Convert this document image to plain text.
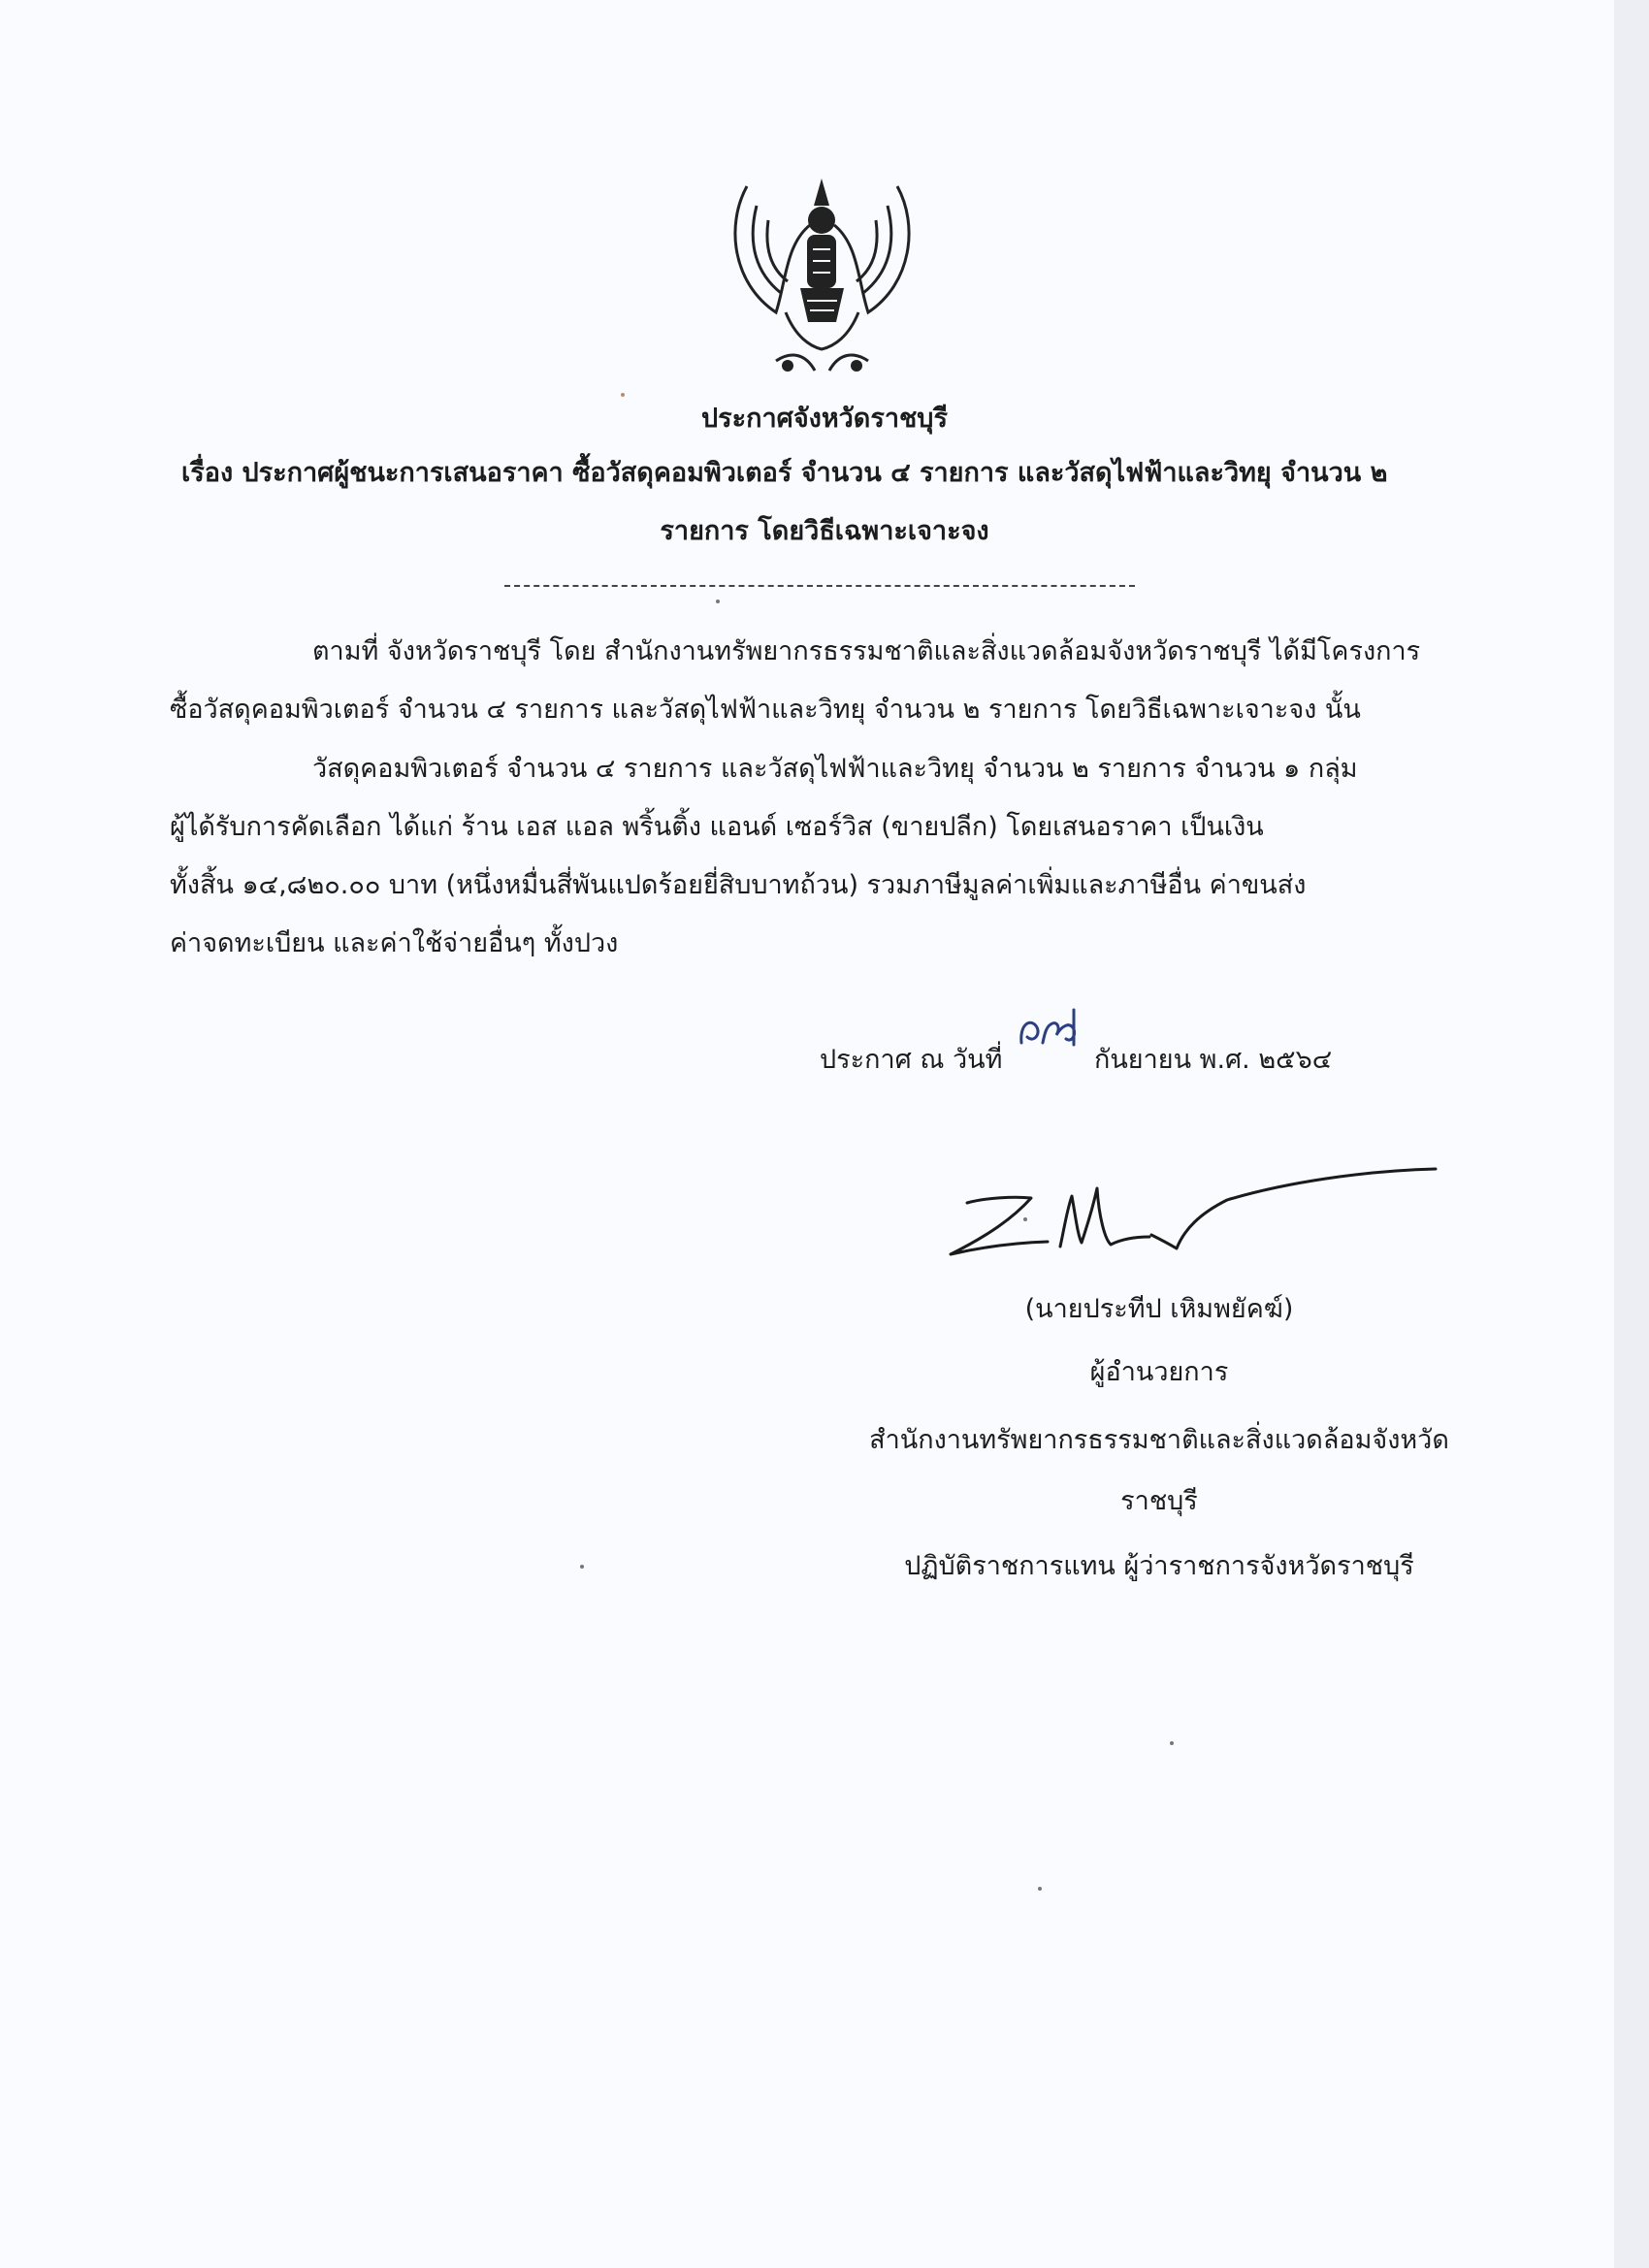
ประกาศจังหวัดราชบุรี
เรื่อง ประกาศผู้ชนะการเสนอราคา ซื้อวัสดุคอมพิวเตอร์ จำนวน ๔ รายการ และวัสดุไฟฟ้าและวิทยุ จำนวน ๒
รายการ โดยวิธีเฉพาะเจาะจง
ตามที่ จังหวัดราชบุรี โดย สำนักงานทรัพยากรธรรมชาติและสิ่งแวดล้อมจังหวัดราชบุรี ได้มีโครงการ
ซื้อวัสดุคอมพิวเตอร์ จำนวน ๔ รายการ และวัสดุไฟฟ้าและวิทยุ จำนวน ๒ รายการ โดยวิธีเฉพาะเจาะจง นั้น
วัสดุคอมพิวเตอร์ จำนวน ๔ รายการ และวัสดุไฟฟ้าและวิทยุ จำนวน ๒ รายการ จำนวน ๑ กลุ่ม
ผู้ได้รับการคัดเลือก ได้แก่ ร้าน เอส แอล พริ้นติ้ง แอนด์ เซอร์วิส (ขายปลีก) โดยเสนอราคา เป็นเงิน
ทั้งสิ้น ๑๔,๘๒๐.๐๐ บาท (หนึ่งหมื่นสี่พันแปดร้อยยี่สิบบาทถ้วน) รวมภาษีมูลค่าเพิ่มและภาษีอื่น ค่าขนส่ง
ค่าจดทะเบียน และค่าใช้จ่ายอื่นๆ ทั้งปวง
ประกาศ ณ วันที่	กันยายน พ.ศ. ๒๕๖๔
(นายประทีป เหิมพยัคฆ์)
ผู้อำนวยการ
สำนักงานทรัพยากรธรรมชาติและสิ่งแวดล้อมจังหวัด
ราชบุรี
ปฏิบัติราชการแทน ผู้ว่าราชการจังหวัดราชบุรี
